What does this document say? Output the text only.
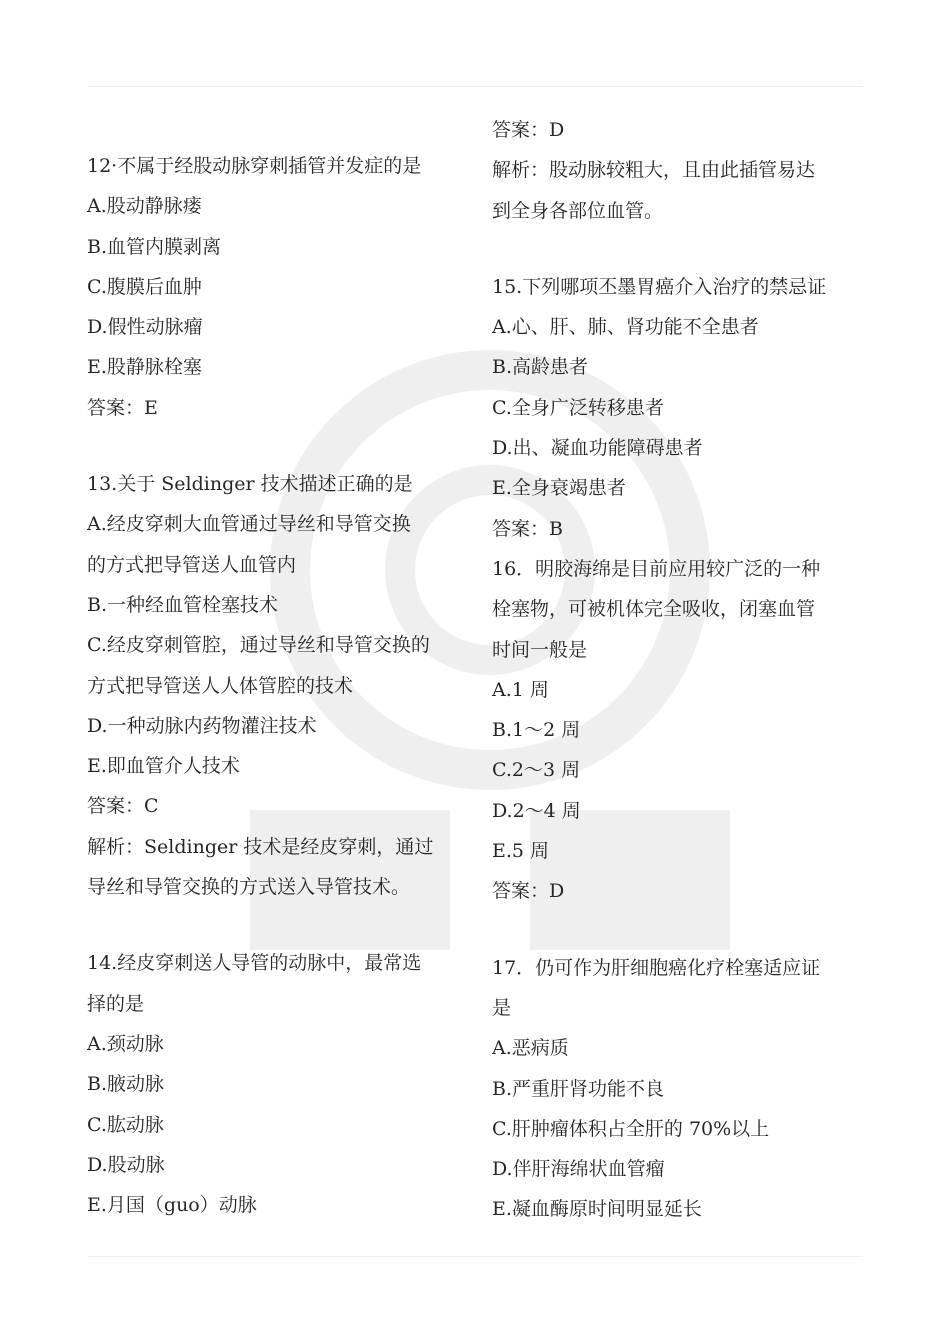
12·不属于经股动脉穿刺插管并发症的是
A.股动静脉瘘
B.血管内膜剥离
C.腹膜后血肿
D.假性动脉瘤
E.股静脉栓塞
答案：E
13.关于 Seldinger 技术描述正确的是
A.经皮穿刺大血管通过导丝和导管交换
的方式把导管送人血管内
B.一种经血管栓塞技术
C.经皮穿刺管腔，通过导丝和导管交换的
方式把导管送人人体管腔的技术
D.一种动脉内药物灌注技术
E.即血管介人技术
答案：C
解析：Seldinger 技术是经皮穿刺，通过
导丝和导管交换的方式送入导管技术。
14.经皮穿刺送人导管的动脉中，最常选
择的是
A.颈动脉
B.腋动脉
C.肱动脉
D.股动脉
E.月国（guo）动脉
答案：D
解析：股动脉较粗大，且由此插管易达
到全身各部位血管。
15.下列哪项丕墨胃癌介入治疗的禁忌证
A.心、肝、肺、肾功能不全患者
B.高龄患者
C.全身广泛转移患者
D.出、凝血功能障碍患者
E.全身衰竭患者
答案：B
16．明胶海绵是目前应用较广泛的一种
栓塞物，可被机体完全吸收，闭塞血管
时间一般是
A.1 周
B.1～2 周
C.2～3 周
D.2～4 周
E.5 周
答案：D
17．仍可作为肝细胞癌化疗栓塞适应证
是
A.恶病质
B.严重肝肾功能不良
C.肝肿瘤体积占全肝的 70%以上
D.伴肝海绵状血管瘤
E.凝血酶原时间明显延长
